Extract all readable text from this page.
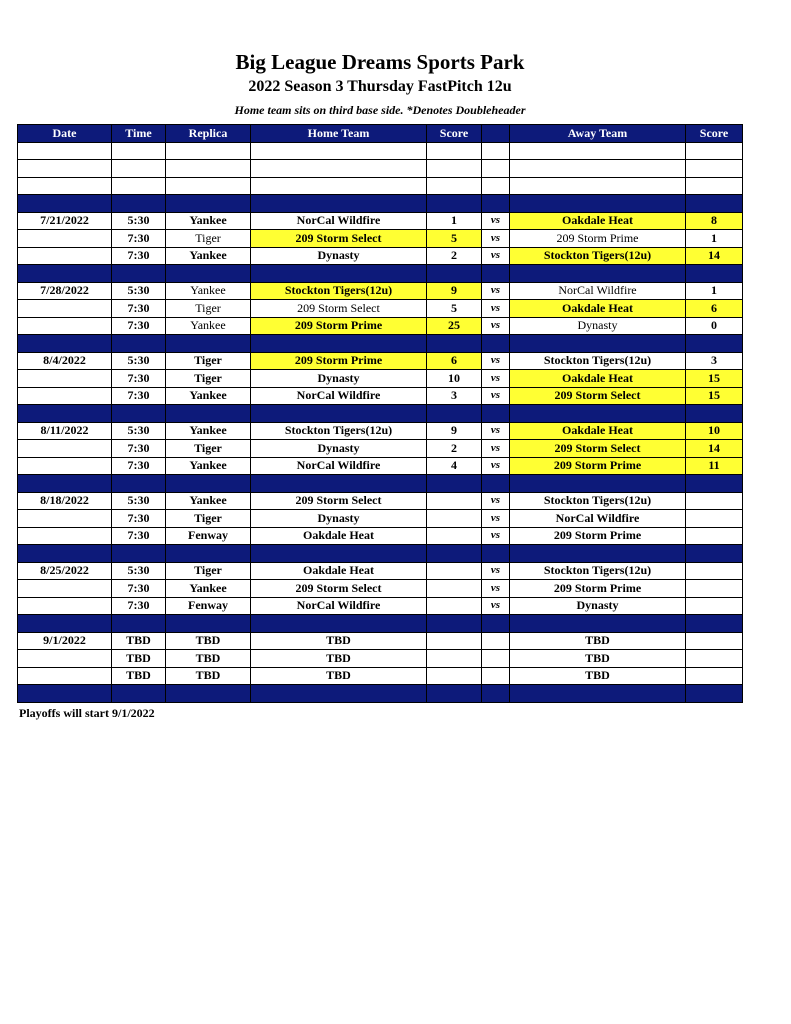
Big League Dreams Sports Park
2022 Season 3 Thursday FastPitch 12u
Home team sits on third base side. *Denotes Doubleheader
Date	Time	Replica	Home Team	Score		Away Team	Score

7/21/2022	5:30	Yankee	NorCal Wildfire	1	vs	Oakdale Heat	8
	7:30	Tiger	209 Storm Select	5	vs	209 Storm Prime	1
	7:30	Yankee	Dynasty	2	vs	Stockton Tigers(12u)	14

7/28/2022	5:30	Yankee	Stockton Tigers(12u)	9	vs	NorCal Wildfire	1
	7:30	Tiger	209 Storm Select	5	vs	Oakdale Heat	6
	7:30	Yankee	209 Storm Prime	25	vs	Dynasty	0

8/4/2022	5:30	Tiger	209 Storm Prime	6	vs	Stockton Tigers(12u)	3
	7:30	Tiger	Dynasty	10	vs	Oakdale Heat	15
	7:30	Yankee	NorCal Wildfire	3	vs	209 Storm Select	15

8/11/2022	5:30	Yankee	Stockton Tigers(12u)	9	vs	Oakdale Heat	10
	7:30	Tiger	Dynasty	2	vs	209 Storm Select	14
	7:30	Yankee	NorCal Wildfire	4	vs	209 Storm Prime	11

8/18/2022	5:30	Yankee	209 Storm Select		vs	Stockton Tigers(12u)	
	7:30	Tiger	Dynasty		vs	NorCal Wildfire	
	7:30	Fenway	Oakdale Heat		vs	209 Storm Prime	

8/25/2022	5:30	Tiger	Oakdale Heat		vs	Stockton Tigers(12u)	
	7:30	Yankee	209 Storm Select		vs	209 Storm Prime	
	7:30	Fenway	NorCal Wildfire		vs	Dynasty	

9/1/2022	TBD	TBD	TBD			TBD	
	TBD	TBD	TBD			TBD	
	TBD	TBD	TBD			TBD	

Playoffs will start 9/1/2022
